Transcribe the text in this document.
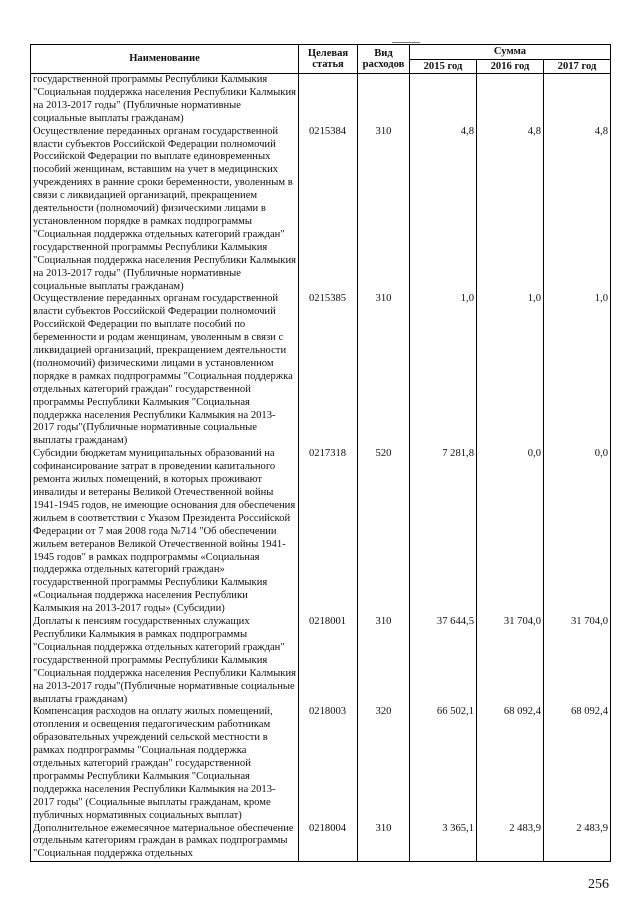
Наименование	Целевая статья	Вид расходов	Сумма		
			2015 год	2016 год	2017 год
государственной программы Республики Калмыкия "Социальная поддержка населения Республики Калмыкия на 2013-2017 годы" (Публичные нормативные социальные выплаты гражданам)					
Осуществление переданных органам государственной власти субъектов Российской Федерации полномочий Российской Федерации по выплате единовременных пособий женщинам, вставшим на учет в медицинских учреждениях в ранние сроки беременности, уволенным в связи с ликвидацией организаций, прекращением деятельности (полномочий) физическими лицами в установленном порядке в рамках подпрограммы "Социальная поддержка отдельных категорий граждан" государственной программы Республики Калмыкия "Социальная поддержка населения Республики Калмыкия на 2013-2017 годы" (Публичные нормативные социальные выплаты гражданам)	0215384	310	4,8	4,8	4,8
Осуществление переданных органам государственной власти субъектов Российской Федерации полномочий Российской Федерации по выплате пособий по беременности и родам женщинам, уволенным в связи с ликвидацией организаций, прекращением деятельности (полномочий) физическими лицами в установленном порядке в рамках подпрограммы "Социальная поддержка отдельных категорий граждан" государственной программы Республики Калмыкия "Социальная поддержка населения Республики Калмыкия на 2013-2017 годы"(Публичные нормативные социальные выплаты гражданам)	0215385	310	1,0	1,0	1,0
Субсидии бюджетам муниципальных образований на софинансирование затрат в проведении капитального ремонта жилых помещений, в которых проживают инвалиды и ветераны Великой Отечественной войны 1941-1945 годов, не имеющие основания для обеспечения жильем в соответствии с Указом Президента Российской Федерации от 7 мая 2008 года №714 "Об обеспечении жильем ветеранов Великой Отечественной войны 1941-1945 годов" в рамках подпрограммы «Социальная поддержка отдельных категорий граждан» государственной программы Республики Калмыкия «Социальная поддержка населения Республики Калмыкия на 2013-2017 годы» (Субсидии)	0217318	520	7 281,8	0,0	0,0
Доплаты к пенсиям государственных служащих Республики Калмыкия в рамках подпрограммы "Социальная поддержка отдельных категорий граждан" государственной программы Республики Калмыкия "Социальная поддержка населения Республики Калмыкия на 2013-2017 годы"(Публичные нормативные социальные выплаты гражданам)	0218001	310	37 644,5	31 704,0	31 704,0
Компенсация расходов на оплату жилых помещений, отопления и освещения педагогическим работникам образовательных учреждений сельской местности в рамках подпрограммы "Социальная поддержка отдельных категорий граждан" государственной программы Республики Калмыкия "Социальная поддержка населения Республики Калмыкия на 2013-2017 годы" (Социальные выплаты гражданам, кроме публичных нормативных социальных выплат)	0218003	320	66 502,1	68 092,4	68 092,4
Дополнительное ежемесячное материальное обеспечение отдельным категориям граждан в рамках подпрограммы "Социальная поддержка отдельных	0218004	310	3 365,1	2 483,9	2 483,9
256
